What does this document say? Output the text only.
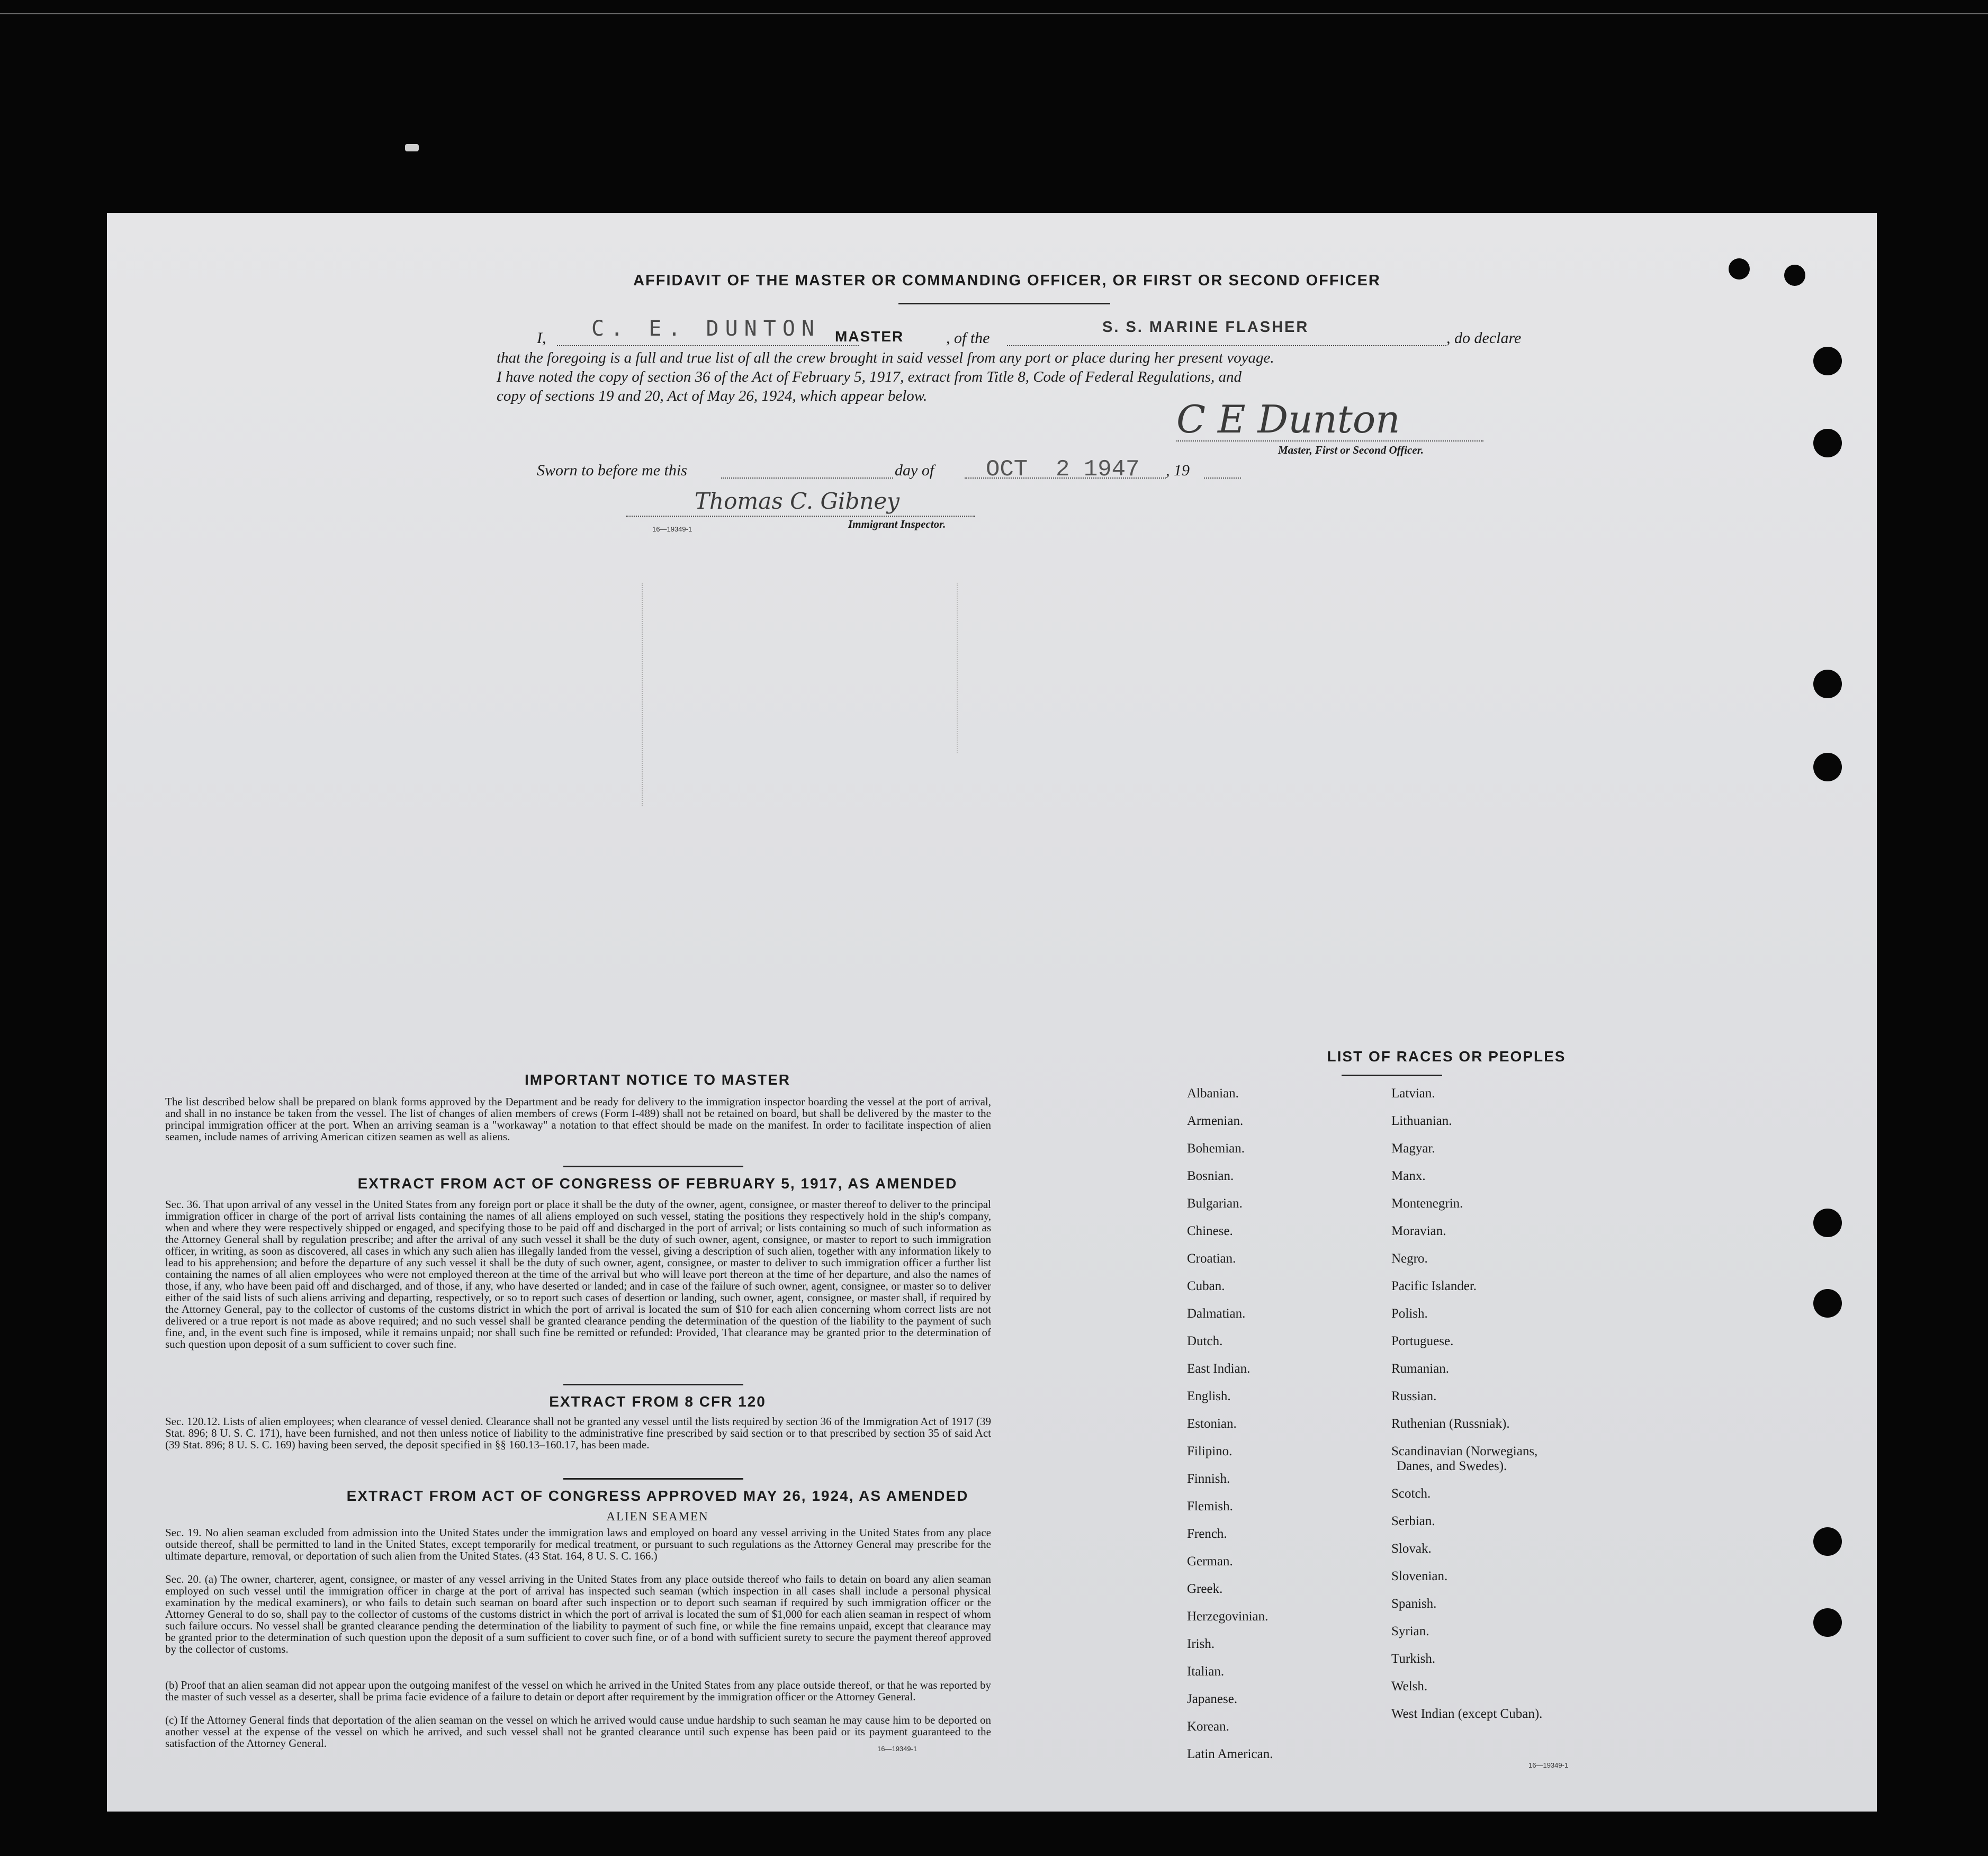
AFFIDAVIT OF THE MASTER OR COMMANDING OFFICER, OR FIRST OR SECOND OFFICER
I, C. E. DUNTON MASTER	, of the
S. S. MARINE FLASHER
, do declare
that the foregoing is a full and true list of all the crew brought in said vessel from any port or place during her present voyage.
I have noted the copy of section 36 of the Act of February 5, 1917, extract from Title 8, Code of Federal Regulations, and
copy of sections 19 and 20, Act of May 26, 1924, which appear below.
C E Dunton
Master, First or Second Officer.
Sworn to before me this	day of OCT  2 1947 , 19
Thomas C. Gibney
Immigrant Inspector.
16—19349-1
IMPORTANT NOTICE TO MASTER
The list described below shall be prepared on blank forms approved by the Department and be ready for delivery to the immigration inspector boarding the vessel at the port of arrival, and shall in no instance be taken from the vessel. The list of changes of alien members of crews (Form I-489) shall not be retained on board, but shall be delivered by the master to the principal immigration officer at the port. When an arriving seaman is a "workaway" a notation to that effect should be made on the manifest. In order to facilitate inspection of alien seamen, include names of arriving American citizen seamen as well as aliens.
EXTRACT FROM ACT OF CONGRESS OF FEBRUARY 5, 1917, AS AMENDED
Sec. 36. That upon arrival of any vessel in the United States from any foreign port or place it shall be the duty of the owner, agent, consignee, or master thereof to deliver to the principal immigration officer in charge of the port of arrival lists containing the names of all aliens employed on such vessel, stating the positions they respectively hold in the ship's company, when and where they were respectively shipped or engaged, and specifying those to be paid off and discharged in the port of arrival; or lists containing so much of such information as the Attorney General shall by regulation prescribe; and after the arrival of any such vessel it shall be the duty of such owner, agent, consignee, or master to report to such immigration officer, in writing, as soon as discovered, all cases in which any such alien has illegally landed from the vessel, giving a description of such alien, together with any information likely to lead to his apprehension; and before the departure of any such vessel it shall be the duty of such owner, agent, consignee, or master to deliver to such immigration officer a further list containing the names of all alien employees who were not employed thereon at the time of the arrival but who will leave port thereon at the time of her departure, and also the names of those, if any, who have been paid off and discharged, and of those, if any, who have deserted or landed; and in case of the failure of such owner, agent, consignee, or master so to deliver either of the said lists of such aliens arriving and departing, respectively, or so to report such cases of desertion or landing, such owner, agent, consignee, or master shall, if required by the Attorney General, pay to the collector of customs of the customs district in which the port of arrival is located the sum of $10 for each alien concerning whom correct lists are not delivered or a true report is not made as above required; and no such vessel shall be granted clearance pending the determination of the question of the liability to the payment of such fine, and, in the event such fine is imposed, while it remains unpaid; nor shall such fine be remitted or refunded: Provided, That clearance may be granted prior to the determination of such question upon deposit of a sum sufficient to cover such fine.
EXTRACT FROM 8 CFR 120
Sec. 120.12. Lists of alien employees; when clearance of vessel denied. Clearance shall not be granted any vessel until the lists required by section 36 of the Immigration Act of 1917 (39 Stat. 896; 8 U. S. C. 171), have been furnished, and not then unless notice of liability to the administrative fine prescribed by said section or to that prescribed by section 35 of said Act (39 Stat. 896; 8 U. S. C. 169) having been served, the deposit specified in §§ 160.13–160.17, has been made.
EXTRACT FROM ACT OF CONGRESS APPROVED MAY 26, 1924, AS AMENDED
ALIEN SEAMEN
Sec. 19. No alien seaman excluded from admission into the United States under the immigration laws and employed on board any vessel arriving in the United States from any place outside thereof, shall be permitted to land in the United States, except temporarily for medical treatment, or pursuant to such regulations as the Attorney General may prescribe for the ultimate departure, removal, or deportation of such alien from the United States. (43 Stat. 164, 8 U. S. C. 166.)
Sec. 20. (a) The owner, charterer, agent, consignee, or master of any vessel arriving in the United States from any place outside thereof who fails to detain on board any alien seaman employed on such vessel until the immigration officer in charge at the port of arrival has inspected such seaman (which inspection in all cases shall include a personal physical examination by the medical examiners), or who fails to detain such seaman on board after such inspection or to deport such seaman if required by such immigration officer or the Attorney General to do so, shall pay to the collector of customs of the customs district in which the port of arrival is located the sum of $1,000 for each alien seaman in respect of whom such failure occurs. No vessel shall be granted clearance pending the determination of the liability to payment of such fine, or while the fine remains unpaid, except that clearance may be granted prior to the determination of such question upon the deposit of a sum sufficient to cover such fine, or of a bond with sufficient surety to secure the payment thereof approved by the collector of customs.
(b) Proof that an alien seaman did not appear upon the outgoing manifest of the vessel on which he arrived in the United States from any place outside thereof, or that he was reported by the master of such vessel as a deserter, shall be prima facie evidence of a failure to detain or deport after requirement by the immigration officer or the Attorney General.
(c) If the Attorney General finds that deportation of the alien seaman on the vessel on which he arrived would cause undue hardship to such seaman he may cause him to be deported on another vessel at the expense of the vessel on which he arrived, and such vessel shall not be granted clearance until such expense has been paid or its payment guaranteed to the satisfaction of the Attorney General.	16—19349-1
LIST OF RACES OR PEOPLES
16—19349-1
Albanian.
Armenian.
Bohemian.
Bosnian.
Bulgarian.
Chinese.
Croatian.
Cuban.
Dalmatian.
Dutch.
East Indian.
English.
Estonian.
Filipino.
Finnish.
Flemish.
French.
German.
Greek.
Herzegovinian.
Irish.
Italian.
Japanese.
Korean.
Latin American.
Latvian.
Lithuanian.
Magyar.
Manx.
Montenegrin.
Moravian.
Negro.
Pacific Islander.
Polish.
Portuguese.
Rumanian.
Russian.
Ruthenian (Russniak).
Scandinavian (Norwegians,
Danes, and Swedes).
Scotch.
Serbian.
Slovak.
Slovenian.
Spanish.
Syrian.
Turkish.
Welsh.
West Indian (except Cuban).
